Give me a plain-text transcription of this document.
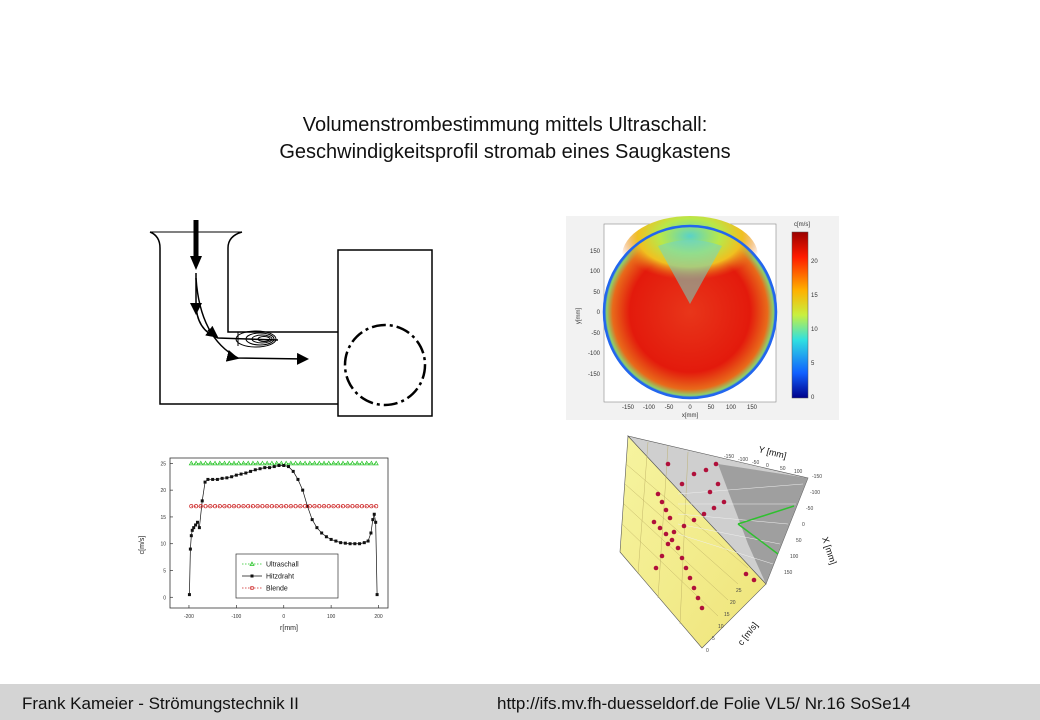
Volumenstrombestimmung mittels Ultraschall:
Geschwindigkeitsprofil stromab eines Saugkastens
150
100
50
0
-50
-100
-150
y[mm]
-150 -100 -50 0	50 100 150
x[mm]
c[m/s]
20
15
10
5
0
25
20
15
10
5
0
-200	-100	0	100	200
c[m/s]
r[mm]
Ultraschall
Hitzdraht
Blende
Y [mm]
X [mm]
c [m/s]
-150
-100
-50
0
50
100
150
-150 -100 -50 0 50 100
0
5
10
15
20
25
Frank Kameier - Strömungstechnik II	http://ifs.mv.fh-duesseldorf.de Folie VL5/ Nr.16 SoSe14
